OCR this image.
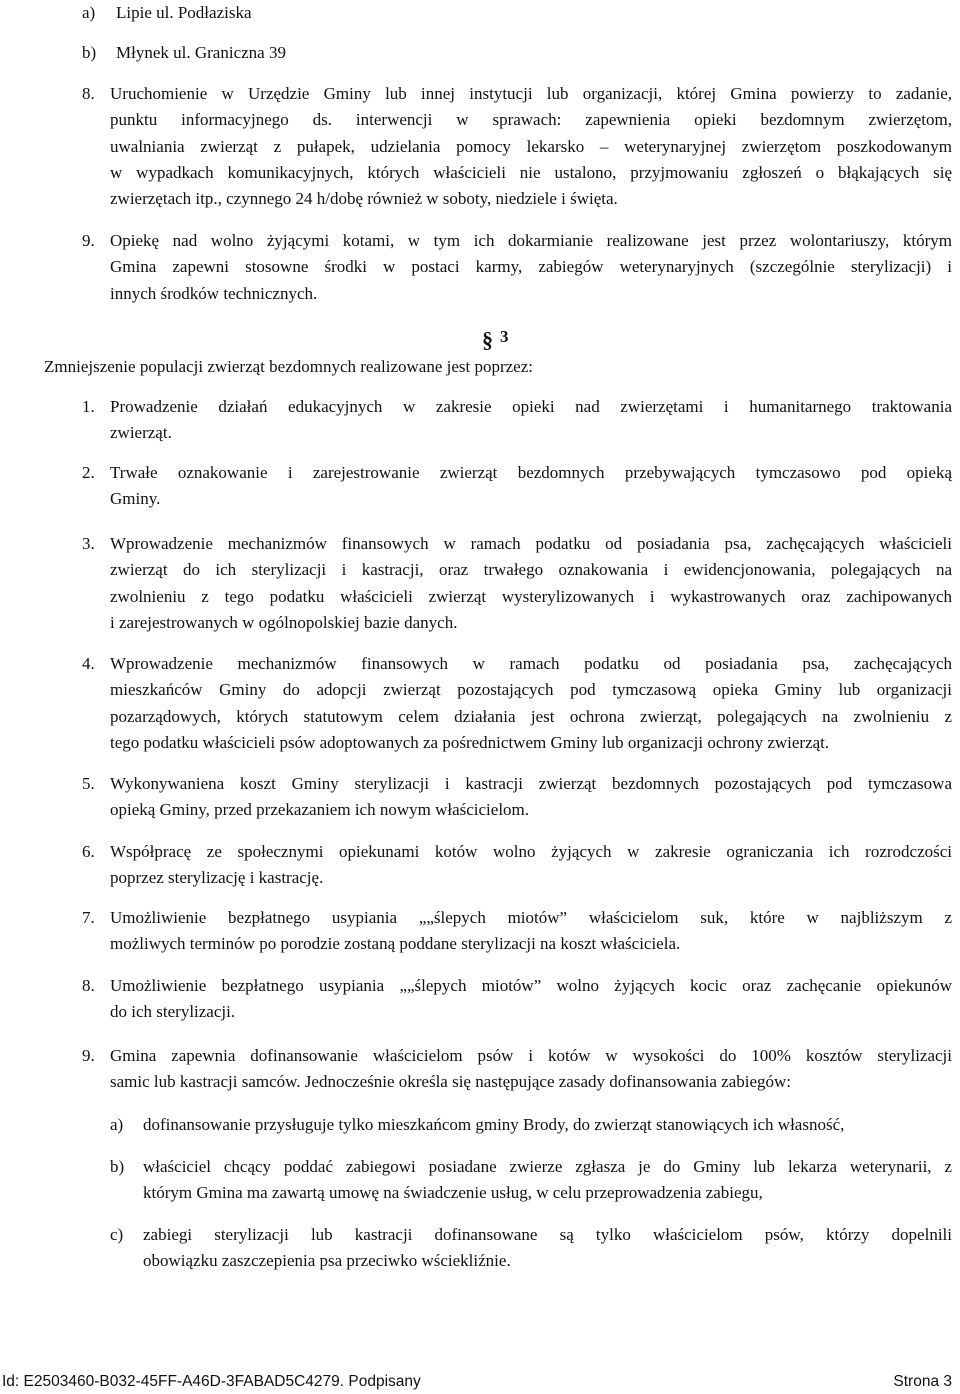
a) Lipie ul. Podłaziska
b) Młynek ul. Graniczna 39
8. Uruchomienie w Urzędzie Gminy lub innej instytucji lub organizacji, której Gmina powierzy to zadanie,
punktu informacyjnego ds. interwencji w sprawach: zapewnienia opieki bezdomnym zwierzętom,
uwalniania zwierząt z pułapek, udzielania pomocy lekarsko – weterynaryjnej zwierzętom poszkodowanym
w wypadkach komunikacyjnych, których właścicieli nie ustalono, przyjmowaniu zgłoszeń o błąkających się
zwierzętach itp., czynnego 24 h/dobę również w soboty, niedziele i święta.
9. Opiekę nad wolno żyjącymi kotami, w tym ich dokarmianie realizowane jest przez wolontariuszy, którym
Gmina zapewni stosowne środki w postaci karmy, zabiegów weterynaryjnych (szczególnie sterylizacji) i
innych środków technicznych.
§ 3
Zmniejszenie populacji zwierząt bezdomnych realizowane jest poprzez:
1. Prowadzenie działań edukacyjnych w zakresie opieki nad zwierzętami i humanitarnego traktowania
zwierząt.
2. Trwałe oznakowanie i zarejestrowanie zwierząt bezdomnych przebywających tymczasowo pod opieką
Gminy.
3. Wprowadzenie mechanizmów finansowych w ramach podatku od posiadania psa, zachęcających właścicieli
zwierząt do ich sterylizacji i kastracji, oraz trwałego oznakowania i ewidencjonowania, polegających na
zwolnieniu z tego podatku właścicieli zwierząt wysterylizowanych i wykastrowanych oraz zachipowanych
i zarejestrowanych w ogólnopolskiej bazie danych.
4. Wprowadzenie mechanizmów finansowych w ramach podatku od posiadania psa, zachęcających
mieszkańców Gminy do adopcji zwierząt pozostających pod tymczasową opieka Gminy lub organizacji
pozarządowych, których statutowym celem działania jest ochrona zwierząt, polegających na zwolnieniu z
tego podatku właścicieli psów adoptowanych za pośrednictwem Gminy lub organizacji ochrony zwierząt.
5. Wykonywaniena koszt Gminy sterylizacji i kastracji zwierząt bezdomnych pozostających pod tymczasowa
opieką Gminy, przed przekazaniem ich nowym właścicielom.
6. Współpracę ze społecznymi opiekunami kotów wolno żyjących w zakresie ograniczania ich rozrodczości
poprzez sterylizację i kastrację.
7. Umożliwienie bezpłatnego usypiania „„ślepych miotów” właścicielom suk, które w najbliższym z
możliwych terminów po porodzie zostaną poddane sterylizacji na koszt właściciela.
8. Umożliwienie bezpłatnego usypiania „„ślepych miotów” wolno żyjących kocic oraz zachęcanie opiekunów
do ich sterylizacji.
9. Gmina zapewnia dofinansowanie właścicielom psów i kotów w wysokości do 100% kosztów sterylizacji
samic lub kastracji samców. Jednocześnie określa się następujące zasady dofinansowania zabiegów:
a) dofinansowanie przysługuje tylko mieszkańcom gminy Brody, do zwierząt stanowiących ich własność,
b) właściciel chcący poddać zabiegowi posiadane zwierze zgłasza je do Gminy lub lekarza weterynarii, z
którym Gmina ma zawartą umowę na świadczenie usług, w celu przeprowadzenia zabiegu,
c) zabiegi sterylizacji lub kastracji dofinansowane są tylko właścicielom psów, którzy dopelnili
obowiązku zaszczepienia psa przeciwko wściekliźnie.
Id: E2503460-B032-45FF-A46D-3FABAD5C4279. Podpisany	Strona 3
